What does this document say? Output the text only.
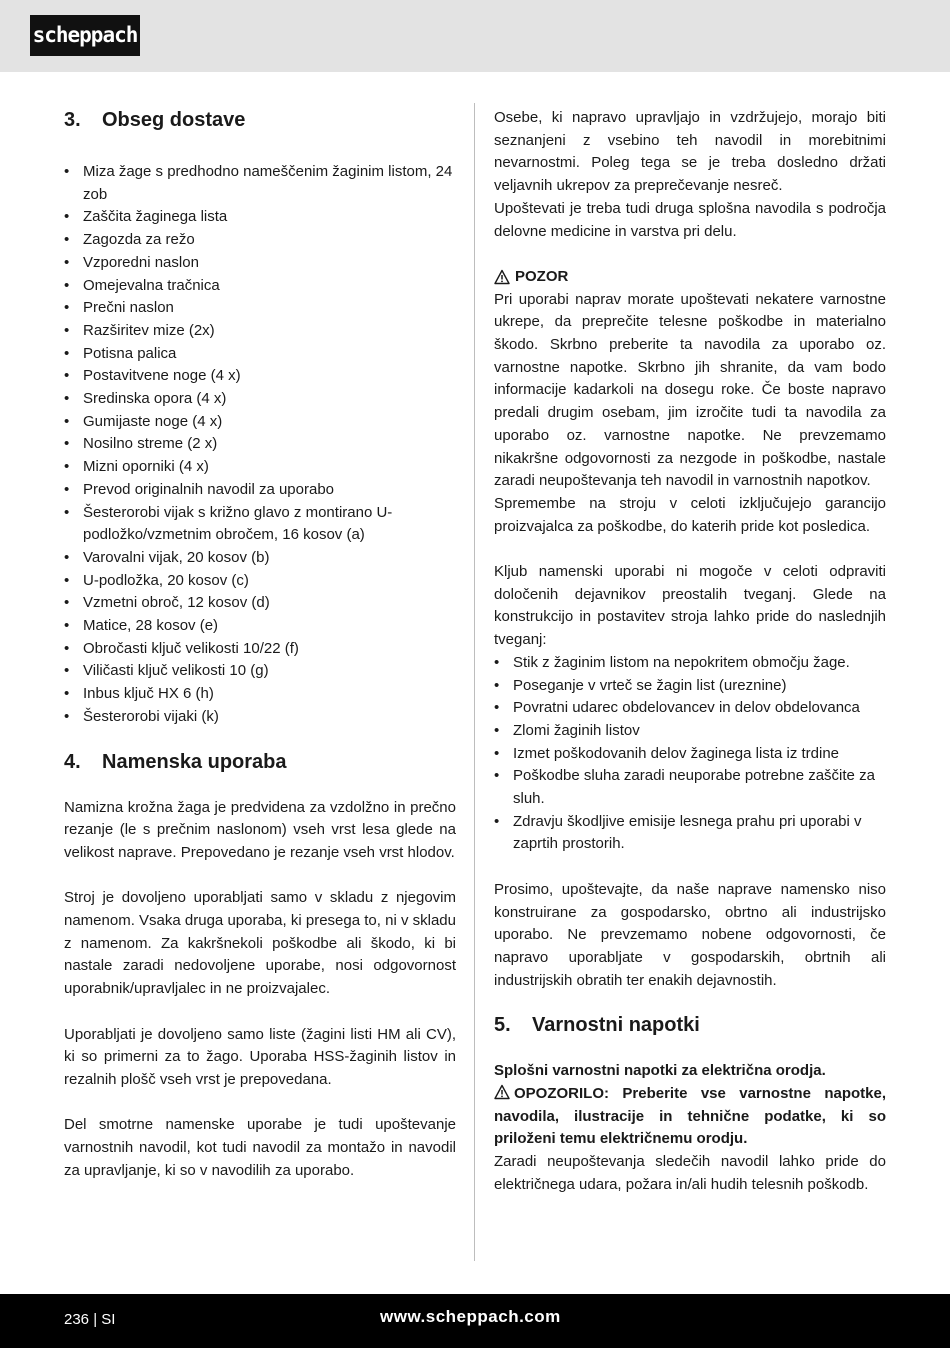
scheppach
3.	Obseg dostave
• Miza žage s predhodno nameščenim žaginim listom, 24 zob
• Zaščita žaginega lista
• Zagozda za režo
• Vzporedni naslon
• Omejevalna tračnica
• Prečni naslon
• Razširitev mize (2x)
• Potisna palica
• Postavitvene noge (4 x)
• Sredinska opora (4 x)
• Gumijaste noge (4 x)
• Nosilno streme (2 x)
• Mizni oporniki (4 x)
• Prevod originalnih navodil za uporabo
• Šesterorobi vijak s križno glavo z montirano U-podložko/vzmetnim obročem, 16 kosov (a)
• Varovalni vijak, 20 kosov (b)
• U-podložka, 20 kosov (c)
• Vzmetni obroč, 12 kosov (d)
• Matice, 28 kosov (e)
• Obročasti ključ velikosti 10/22 (f)
• Viličasti ključ velikosti 10 (g)
• Inbus ključ HX 6 (h)
• Šesterorobi vijaki (k)
4.	Namenska uporaba

Namizna krožna žaga je predvidena za vzdolžno in prečno rezanje (le s prečnim naslonom) vseh vrst lesa glede na velikost naprave. Prepovedano je rezanje vseh vrst hlodov.

Stroj je dovoljeno uporabljati samo v skladu z njegovim namenom. Vsaka druga uporaba, ki presega to, ni v skladu z namenom. Za kakršnekoli poškodbe ali škodo, ki bi nastale zaradi nedovoljene uporabe, nosi odgovornost uporabnik/upravljalec in ne proizvajalec.

Uporabljati je dovoljeno samo liste (žagini listi HM ali CV), ki so primerni za to žago. Uporaba HSS-žaginih listov in rezalnih plošč vseh vrst je prepovedana.

Del smotrne namenske uporabe je tudi upoštevanje varnostnih navodil, kot tudi navodil za montažo in navodil za upravljanje, ki so v navodilih za uporabo.

Osebe, ki napravo upravljajo in vzdržujejo, morajo biti seznanjeni z vsebino teh navodil in morebitnimi nevarnostmi. Poleg tega se je treba dosledno držati veljavnih ukrepov za preprečevanje nesreč.

Upoštevati je treba tudi druga splošna navodila s področja delovne medicine in varstva pri delu.

POZOR

Pri uporabi naprav morate upoštevati nekatere varnostne ukrepe, da preprečite telesne poškodbe in materialno škodo. Skrbno preberite ta navodila za uporabo oz. varnostne napotke. Skrbno jih shranite, da vam bodo informacije kadarkoli na dosegu roke. Če boste napravo predali drugim osebam, jim izročite tudi ta navodila za uporabo oz. varnostne napotke. Ne prevzemamo nikakršne odgovornosti za nezgode in poškodbe, nastale zaradi neupoštevanja teh navodil in varnostnih napotkov.

Spremembe na stroju v celoti izključujejo garancijo proizvajalca za poškodbe, do katerih pride kot posledica.

Kljub namenski uporabi ni mogoče v celoti odpraviti določenih dejavnikov preostalih tveganj. Glede na konstrukcijo in postavitev stroja lahko pride do naslednjih tveganj:

• Stik z žaginim listom na nepokritem območju žage.
• Poseganje v vrteč se žagin list (ureznine)
• Povratni udarec obdelovancev in delov obdelovanca
• Zlomi žaginih listov
• Izmet poškodovanih delov žaginega lista iz trdine
• Poškodbe sluha zaradi neuporabe potrebne zaščite za sluh.
• Zdravju škodljive emisije lesnega prahu pri uporabi v zaprtih prostorih.

Prosimo, upoštevajte, da naše naprave namensko niso konstruirane za gospodarsko, obrtno ali industrijsko uporabo. Ne prevzemamo nobene odgovornosti, če napravo uporabljate v gospodarskih, obrtnih ali industrijskih obratih ter enakih dejavnostih.

5.	Varnostni napotki

Splošni varnostni napotki za električna orodja.

OPOZORILO: Preberite vse varnostne napotke, navodila, ilustracije in tehnične podatke, ki so priloženi temu električnemu orodju.

Zaradi neupoštevanja sledečih navodil lahko pride do električnega udara, požara in/ali hudih telesnih poškodb.

236 | SI	www.scheppach.com
